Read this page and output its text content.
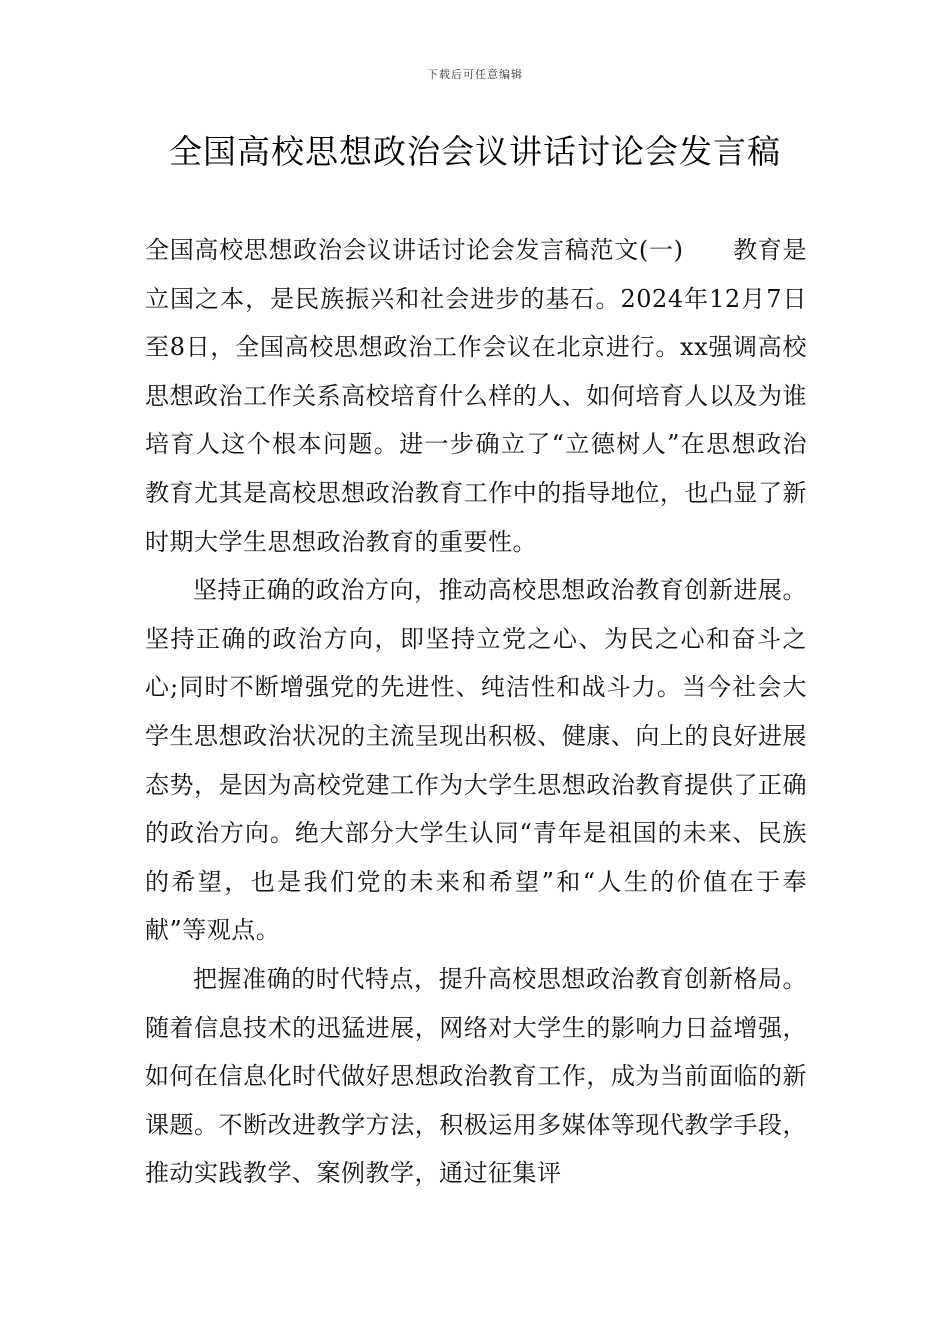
下载后可任意编辑
全国高校思想政治会议讲话讨论会发言稿

全国高校思想政治会议讲话讨论会发言稿范文(一)　　教育是立国之本，是民族振兴和社会进步的基石。2024年12月7日至8日，全国高校思想政治工作会议在北京进行。xx强调高校思想政治工作关系高校培育什么样的人、如何培育人以及为谁培育人这个根本问题。进一步确立了“立德树人”在思想政治教育尤其是高校思想政治教育工作中的指导地位，也凸显了新时期大学生思想政治教育的重要性。

坚持正确的政治方向，推动高校思想政治教育创新进展。坚持正确的政治方向，即坚持立党之心、为民之心和奋斗之心;同时不断增强党的先进性、纯洁性和战斗力。当今社会大学生思想政治状况的主流呈现出积极、健康、向上的良好进展态势，是因为高校党建工作为大学生思想政治教育提供了正确的政治方向。绝大部分大学生认同“青年是祖国的未来、民族的希望，也是我们党的未来和希望”和“人生的价值在于奉献”等观点。

把握准确的时代特点，提升高校思想政治教育创新格局。随着信息技术的迅猛进展，网络对大学生的影响力日益增强，如何在信息化时代做好思想政治教育工作，成为当前面临的新课题。不断改进教学方法，积极运用多媒体等现代教学手段，推动实践教学、案例教学，通过征集评
